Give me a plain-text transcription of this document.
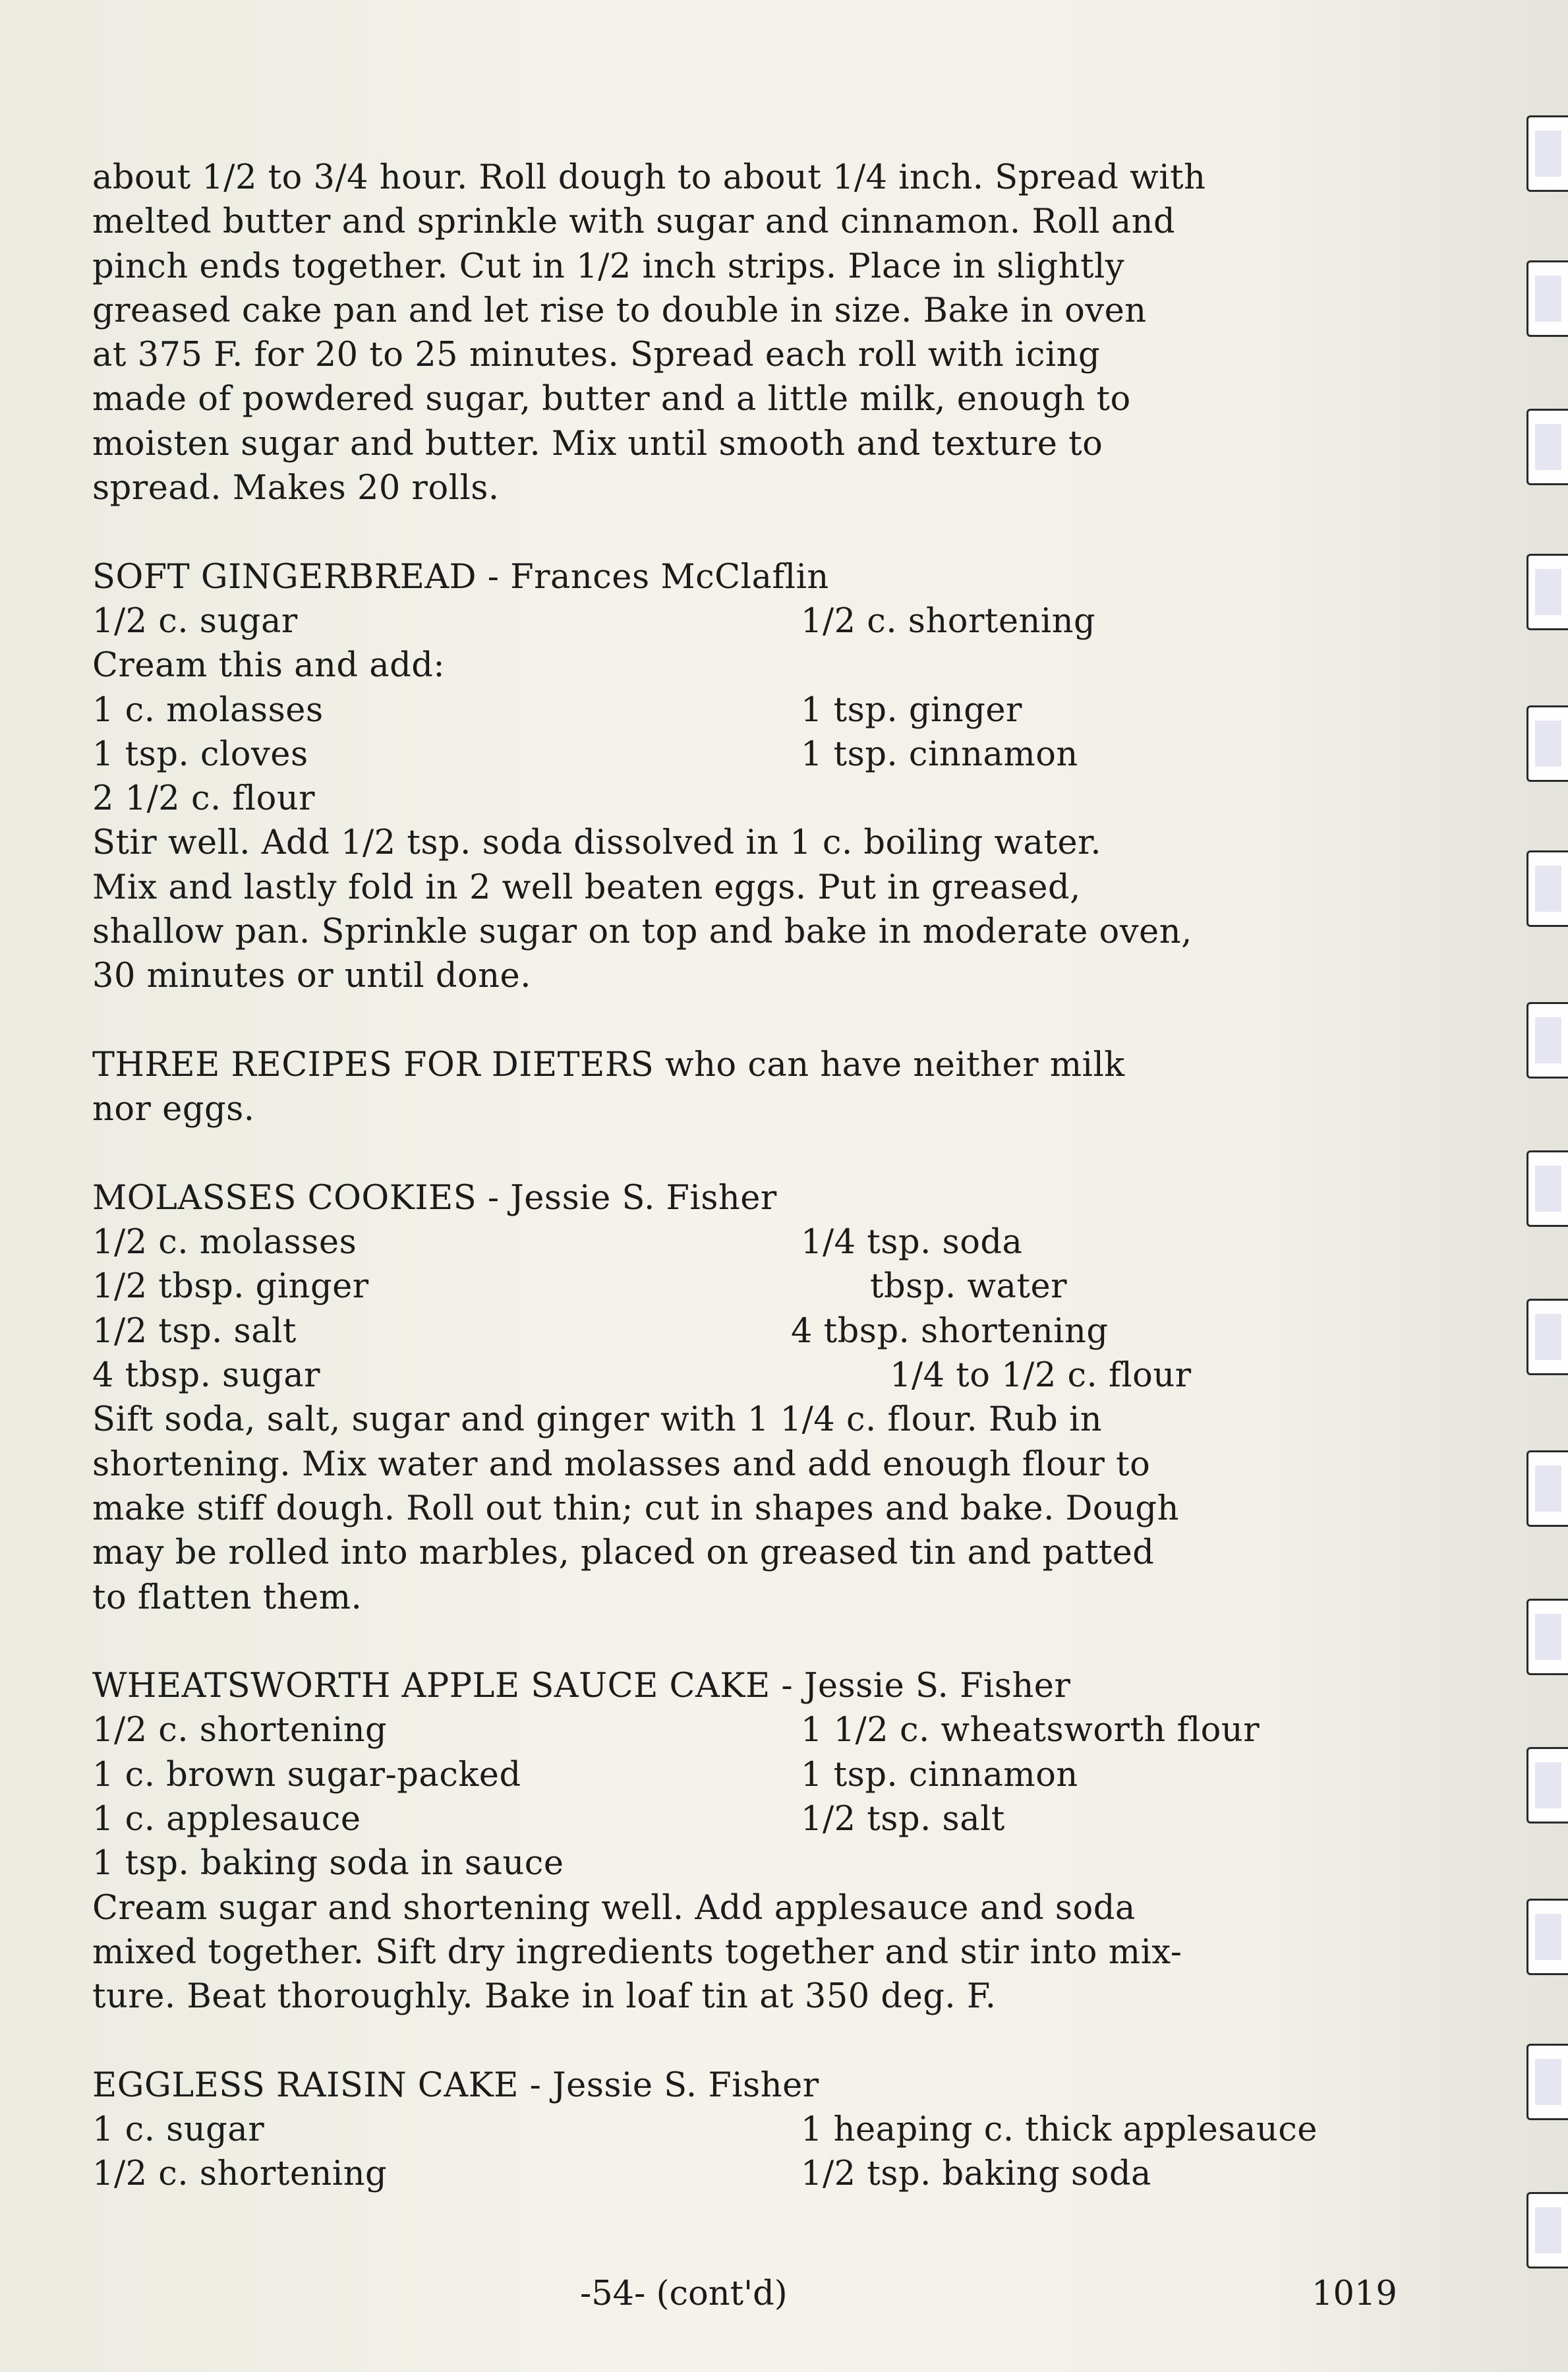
about 1/2 to 3/4 hour. Roll dough to about 1/4 inch. Spread with
melted butter and sprinkle with sugar and cinnamon. Roll and
pinch ends together. Cut in 1/2 inch strips. Place in slightly
greased cake pan and let rise to double in size. Bake in oven
at 375 F. for 20 to 25 minutes. Spread each roll with icing
made of powdered sugar, butter and a little milk, enough to
moisten sugar and butter. Mix until smooth and texture to
spread. Makes 20 rolls.
SOFT GINGERBREAD - Frances McClaflin
1/2 c. sugar	1/2 c. shortening
Cream this and add:
1 c. molasses	1 tsp. ginger
1 tsp. cloves	1 tsp. cinnamon
2 1/2 c. flour
Stir well. Add 1/2 tsp. soda dissolved in 1 c. boiling water.
Mix and lastly fold in 2 well beaten eggs. Put in greased,
shallow pan. Sprinkle sugar on top and bake in moderate oven,
30 minutes or until done.
THREE RECIPES FOR DIETERS who can have neither milk
nor eggs.
MOLASSES COOKIES - Jessie S. Fisher
1/2 c. molasses	1/4 tsp. soda
1/2 tbsp. ginger	tbsp. water
1/2 tsp. salt	4 tbsp. shortening
4 tbsp. sugar	1/4 to 1/2 c. flour
Sift soda, salt, sugar and ginger with 1 1/4 c. flour. Rub in
shortening. Mix water and molasses and add enough flour to
make stiff dough. Roll out thin; cut in shapes and bake. Dough
may be rolled into marbles, placed on greased tin and patted
to flatten them.
WHEATSWORTH APPLE SAUCE CAKE - Jessie S. Fisher
1/2 c. shortening	1 1/2 c. wheatsworth flour
1 c. brown sugar-packed	1 tsp. cinnamon
1 c. applesauce	1/2 tsp. salt
1 tsp. baking soda in sauce
Cream sugar and shortening well. Add applesauce and soda
mixed together. Sift dry ingredients together and stir into mix-
ture. Beat thoroughly. Bake in loaf tin at 350 deg. F.
EGGLESS RAISIN CAKE - Jessie S. Fisher
1 c. sugar	1 heaping c. thick applesauce
1/2 c. shortening	1/2 tsp. baking soda
-54- (cont'd)	1019
